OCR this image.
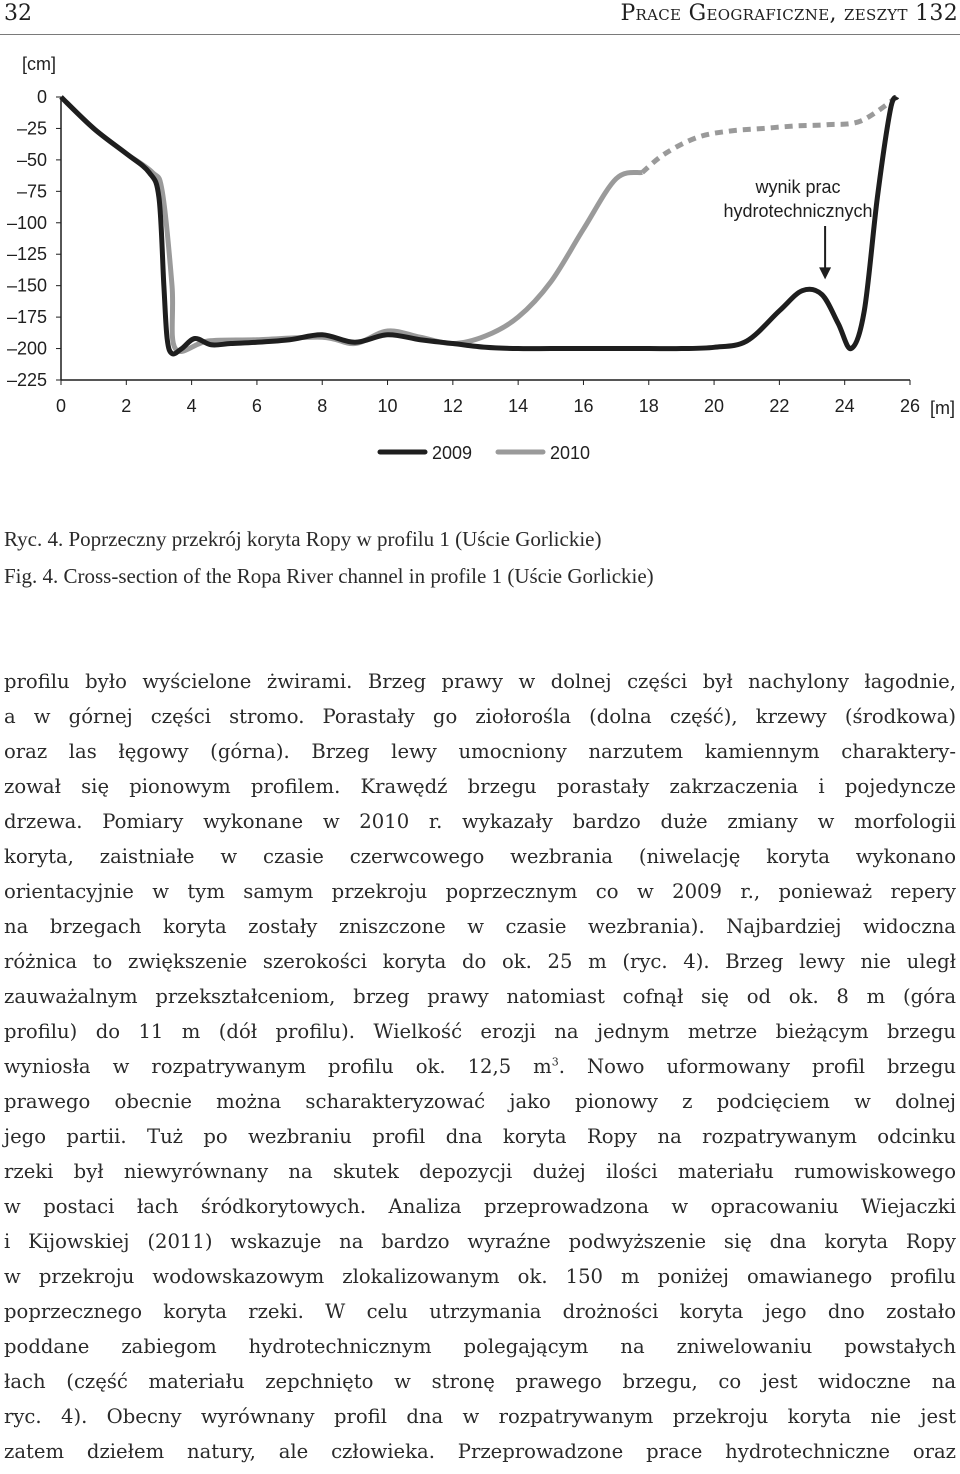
32	Prace Geograficzne, zeszyt 132
[cm]
0
–25
–50
–75
–100
–125
–150
–175
–200
–225
0	2	4	6	8	10	12	14	16	18	20	22	24	26 [m]
wynik prac
hydrotechnicznych
2009	2010
Ryc. 4. Poprzeczny przekrój koryta Ropy w profilu 1 (Uście Gorlickie)
Fig. 4. Cross-section of the Ropa River channel in profile 1 (Uście Gorlickie)
profilu było wyścielone żwirami. Brzeg prawy w dolnej części był nachylony łagodnie,
a w górnej części stromo. Porastały go ziołorośla (dolna część), krzewy (środkowa)
oraz las łęgowy (górna). Brzeg lewy umocniony narzutem kamiennym charaktery-
zował się pionowym profilem. Krawędź brzegu porastały zakrzaczenia i pojedyncze
drzewa. Pomiary wykonane w 2010 r. wykazały bardzo duże zmiany w morfologii
koryta, zaistniałe w czasie czerwcowego wezbrania (niwelację koryta wykonano
orientacyjnie w tym samym przekroju poprzecznym co w 2009 r., ponieważ repery
na brzegach koryta zostały zniszczone w czasie wezbrania). Najbardziej widoczna
różnica to zwiększenie szerokości koryta do ok. 25 m (ryc. 4). Brzeg lewy nie uległ
zauważalnym przekształceniom, brzeg prawy natomiast cofnął się od ok. 8 m (góra
profilu) do 11 m (dół profilu). Wielkość erozji na jednym metrze bieżącym brzegu
wyniosła w rozpatrywanym profilu ok. 12,5 $m^3$. Nowo uformowany profil brzegu
prawego obecnie można scharakteryzować jako pionowy z podcięciem w dolnej
jego partii. Tuż po wezbraniu profil dna koryta Ropy na rozpatrywanym odcinku
rzeki był niewyrównany na skutek depozycji dużej ilości materiału rumowiskowego
w postaci łach śródkorytowych. Analiza przeprowadzona w opracowaniu Wiejaczki
i Kijowskiej (2011) wskazuje na bardzo wyraźne podwyższenie się dna koryta Ropy
w przekroju wodowskazowym zlokalizowanym ok. 150 m poniżej omawianego profilu
poprzecznego koryta rzeki. W celu utrzymania drożności koryta jego dno zostało
poddane zabiegom hydrotechnicznym polegającym na zniwelowaniu powstałych
łach (część materiału zepchnięto w stronę prawego brzegu, co jest widoczne na
ryc. 4). Obecny wyrównany profil dna w rozpatrywanym przekroju koryta nie jest
zatem dziełem natury, ale człowieka. Przeprowadzone prace hydrotechniczne oraz
